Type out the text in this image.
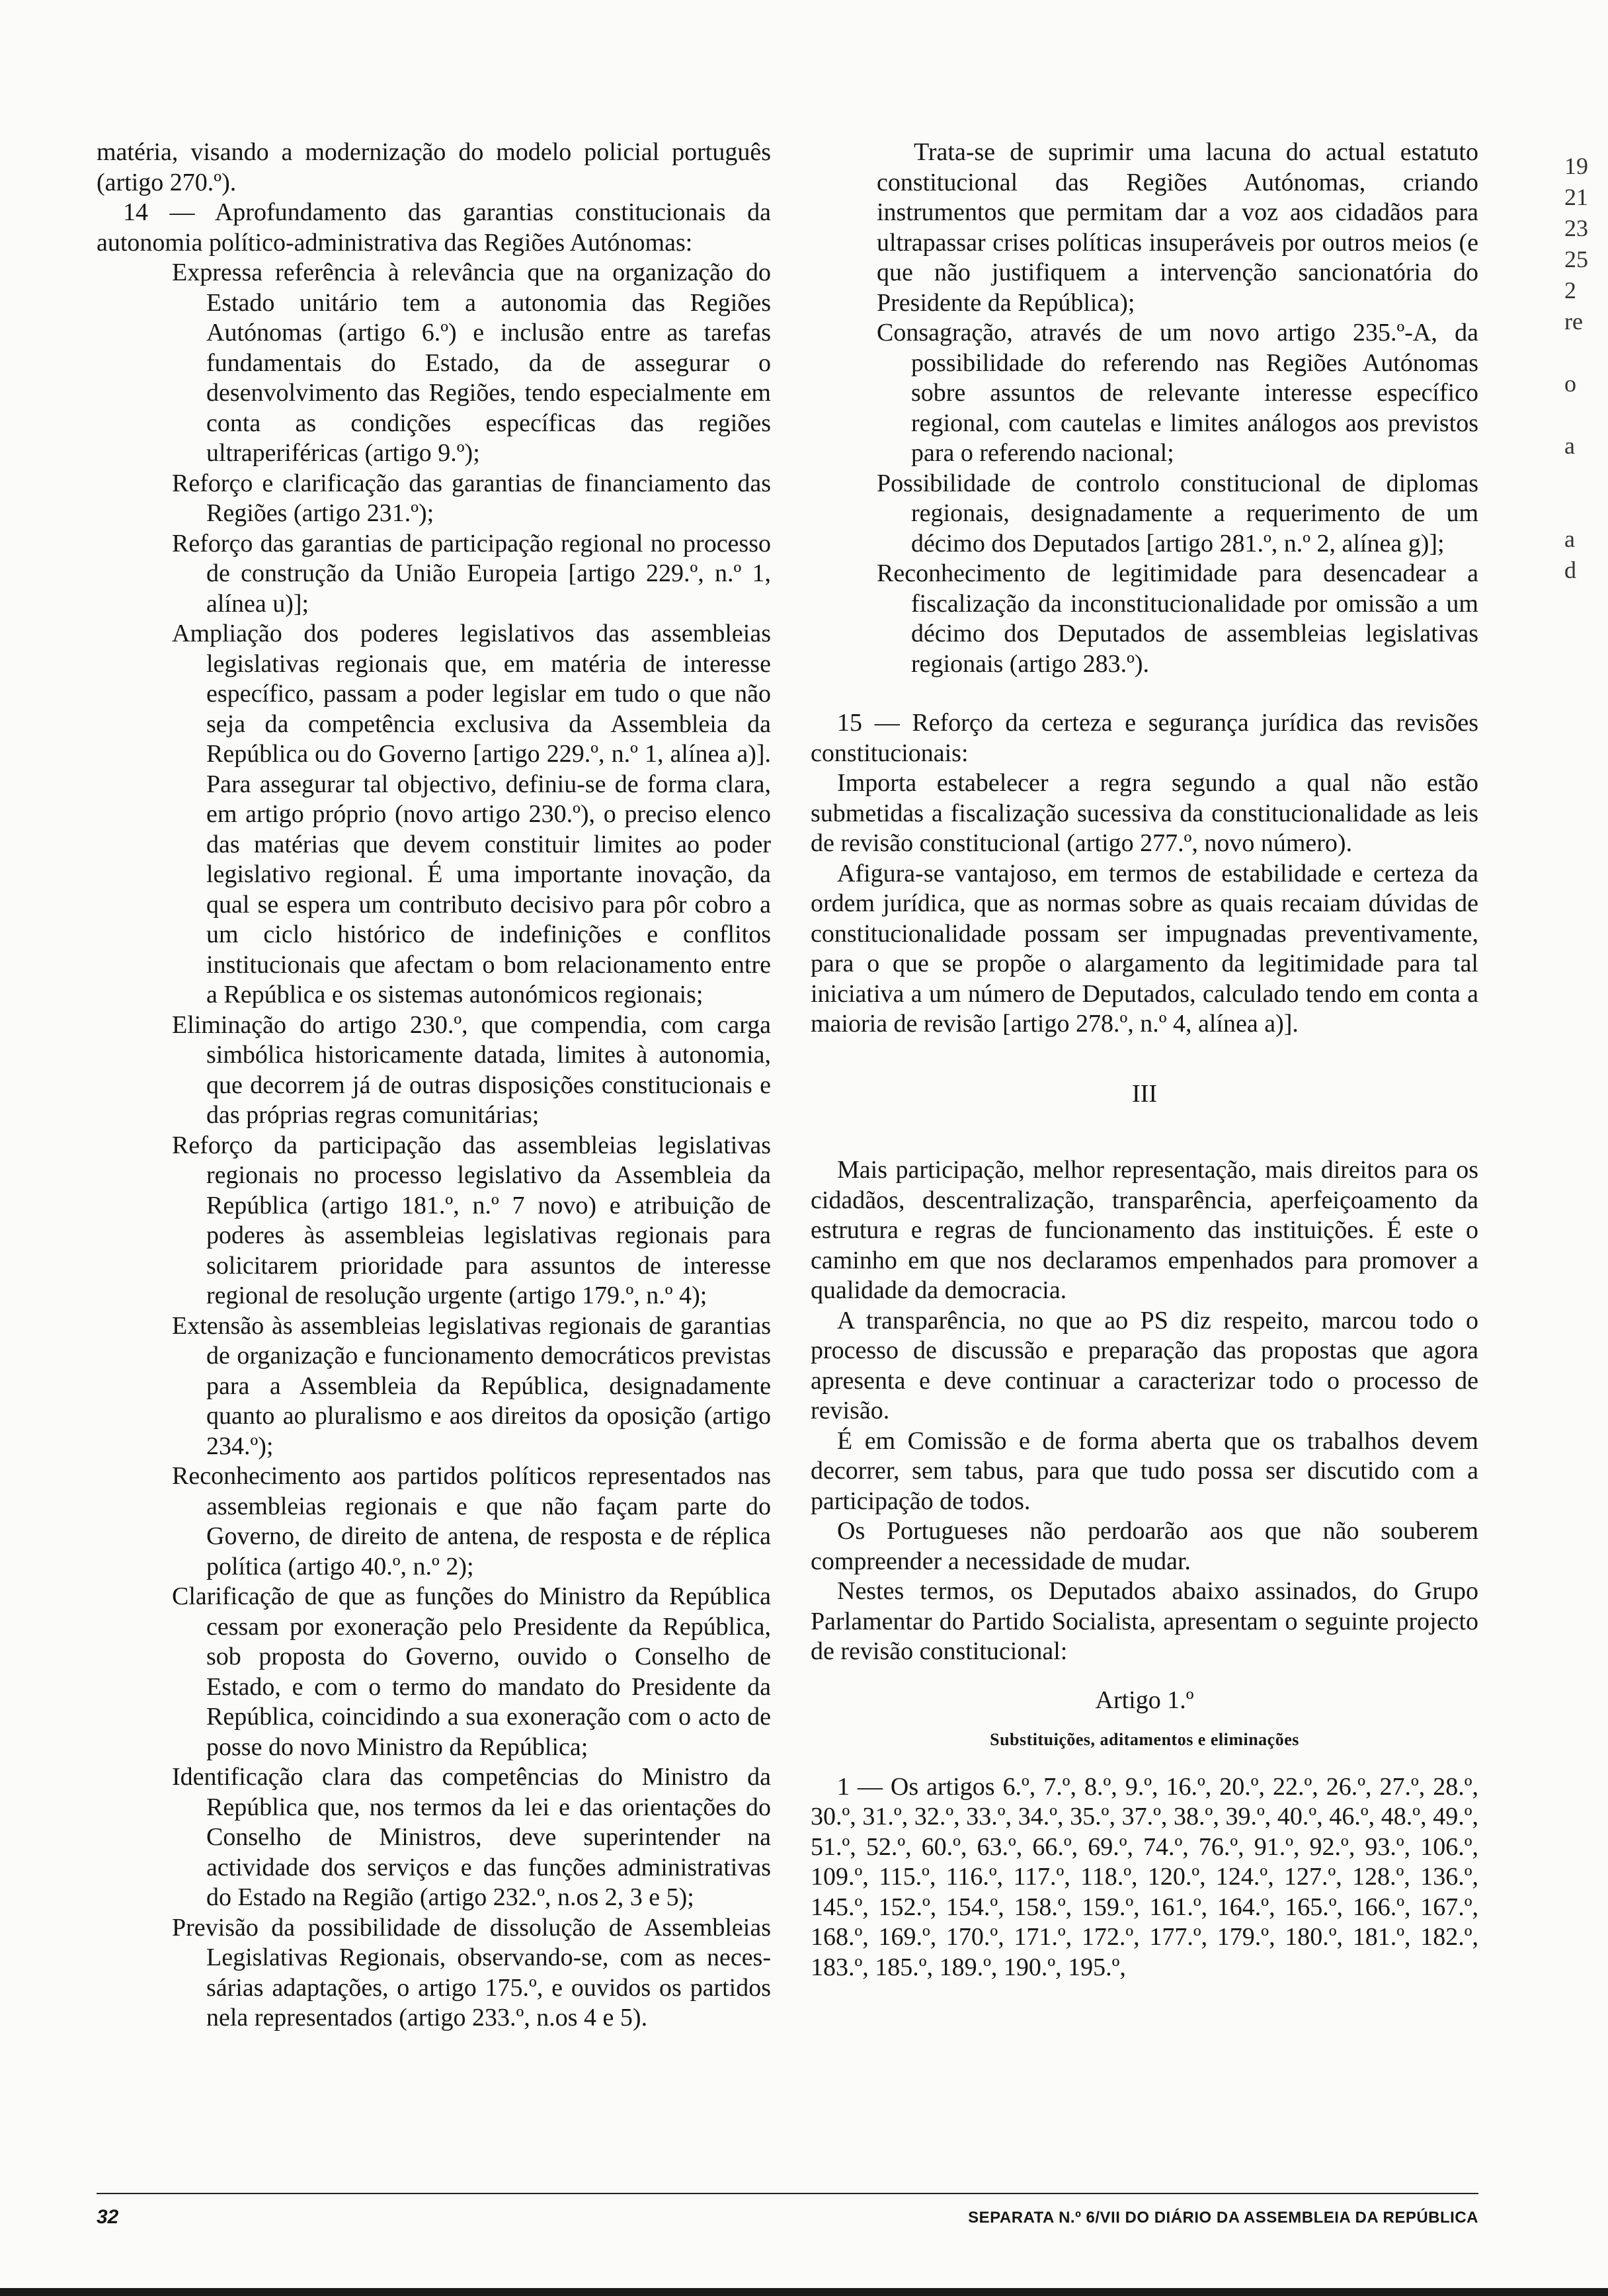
matéria, visando a modernização do modelo policial português (artigo 270.º).

14 — Aprofundamento das garantias constitucionais da autonomia político-administrativa das Regiões Autónomas:

Expressa referência à relevância que na organização do Estado unitário tem a autonomia das Regiões Autónomas (artigo 6.º) e inclusão entre as tarefas fundamentais do Estado, da de assegurar o desenvolvimento das Regiões, tendo especialmente em conta as condições específicas das regiões ultraperiféricas (artigo 9.º);

Reforço e clarificação das garantias de financiamento das Regiões (artigo 231.º);

Reforço das garantias de participação regional no processo de construção da União Europeia [artigo 229.º, n.º 1, alínea u)];

Ampliação dos poderes legislativos das assembleias legislativas regionais que, em matéria de interesse específico, passam a poder legislar em tudo o que não seja da competência exclusiva da Assembleia da República ou do Governo [artigo 229.º, n.º 1, alínea a)]. Para assegurar tal objectivo, definiu-se de forma clara, em artigo próprio (novo artigo 230.º), o preciso elenco das matérias que devem constituir limites ao poder legislativo regional. É uma importante inovação, da qual se espera um contributo decisivo para pôr cobro a um ciclo histórico de indefinições e conflitos institucionais que afectam o bom relacionamento entre a República e os sistemas autonómicos regionais;

Eliminação do artigo 230.º, que compendia, com carga simbólica historicamente datada, limites à autonomia, que decorrem já de outras disposições constitucionais e das próprias regras comunitárias;

Reforço da participação das assembleias legislativas regionais no processo legislativo da Assembleia da República (artigo 181.º, n.º 7 novo) e atribuição de poderes às assembleias legislativas regionais para solicitarem prioridade para assuntos de interesse regional de resolução urgente (artigo 179.º, n.º 4);

Extensão às assembleias legislativas regionais de garantias de organização e funcionamento democráticos previstas para a Assembleia da República, designadamente quanto ao pluralismo e aos direitos da oposição (artigo 234.º);

Reconhecimento aos partidos políticos representados nas assembleias regionais e que não façam parte do Governo, de direito de antena, de resposta e de réplica política (artigo 40.º, n.º 2);

Clarificação de que as funções do Ministro da República cessam por exoneração pelo Presidente da República, sob proposta do Governo, ouvido o Conselho de Estado, e com o termo do mandato do Presidente da República, coincidindo a sua exoneração com o acto de posse do novo Ministro da República;

Identificação clara das competências do Ministro da República que, nos termos da lei e das orientações do Conselho de Ministros, deve superintender na actividade dos serviços e das funções administrativas do Estado na Região (artigo 232.º, n.os 2, 3 e 5);

Previsão da possibilidade de dissolução de Assembleias Legislativas Regionais, observando-se, com as neces-sárias adaptações, o artigo 175.º, e ouvidos os partidos nela representados (artigo 233.º, n.os 4 e 5).

Trata-se de suprimir uma lacuna do actual estatuto constitucional das Regiões Autónomas, criando instrumentos que permitam dar a voz aos cidadãos para ultrapassar crises políticas insuperáveis por outros meios (e que não justifiquem a intervenção sancionatória do Presidente da República);

Consagração, através de um novo artigo 235.º-A, da possibilidade do referendo nas Regiões Autónomas sobre assuntos de relevante interesse específico regional, com cautelas e limites análogos aos previstos para o referendo nacional;

Possibilidade de controlo constitucional de diplomas regionais, designadamente a requerimento de um décimo dos Deputados [artigo 281.º, n.º 2, alínea g)];

Reconhecimento de legitimidade para desencadear a fiscalização da inconstitucionalidade por omissão a um décimo dos Deputados de assembleias legislativas regionais (artigo 283.º).

15 — Reforço da certeza e segurança jurídica das revisões constitucionais:

Importa estabelecer a regra segundo a qual não estão submetidas a fiscalização sucessiva da constitucionalidade as leis de revisão constitucional (artigo 277.º, novo número).

Afigura-se vantajoso, em termos de estabilidade e certeza da ordem jurídica, que as normas sobre as quais recaiam dúvidas de constitucionalidade possam ser impugnadas preventivamente, para o que se propõe o alargamento da legitimidade para tal iniciativa a um número de Deputados, calculado tendo em conta a maioria de revisão [artigo 278.º, n.º 4, alínea a)].

III

Mais participação, melhor representação, mais direitos para os cidadãos, descentralização, transparência, aperfeiçoamento da estrutura e regras de funcionamento das instituições. É este o caminho em que nos declaramos empenhados para promover a qualidade da democracia.

A transparência, no que ao PS diz respeito, marcou todo o processo de discussão e preparação das propostas que agora apresenta e deve continuar a caracterizar todo o processo de revisão.

É em Comissão e de forma aberta que os trabalhos devem decorrer, sem tabus, para que tudo possa ser discutido com a participação de todos.

Os Portugueses não perdoarão aos que não souberem compreender a necessidade de mudar.

Nestes termos, os Deputados abaixo assinados, do Grupo Parlamentar do Partido Socialista, apresentam o seguinte projecto de revisão constitucional:

Artigo 1.º

Substituições, aditamentos e eliminações

1 — Os artigos 6.º, 7.º, 8.º, 9.º, 16.º, 20.º, 22.º, 26.º, 27.º, 28.º, 30.º, 31.º, 32.º, 33.º, 34.º, 35.º, 37.º, 38.º, 39.º, 40.º, 46.º, 48.º, 49.º, 51.º, 52.º, 60.º, 63.º, 66.º, 69.º, 74.º, 76.º, 91.º, 92.º, 93.º, 106.º, 109.º, 115.º, 116.º, 117.º, 118.º, 120.º, 124.º, 127.º, 128.º, 136.º, 145.º, 152.º, 154.º, 158.º, 159.º, 161.º, 164.º, 165.º, 166.º, 167.º, 168.º, 169.º, 170.º, 171.º, 172.º, 177.º, 179.º, 180.º, 181.º, 182.º, 183.º, 185.º, 189.º, 190.º, 195.º,

19
21
23
25
2
re

o

a

a
d
32	SEPARATA N.º 6/VII DO DIÁRIO DA ASSEMBLEIA DA REPÚBLICA
